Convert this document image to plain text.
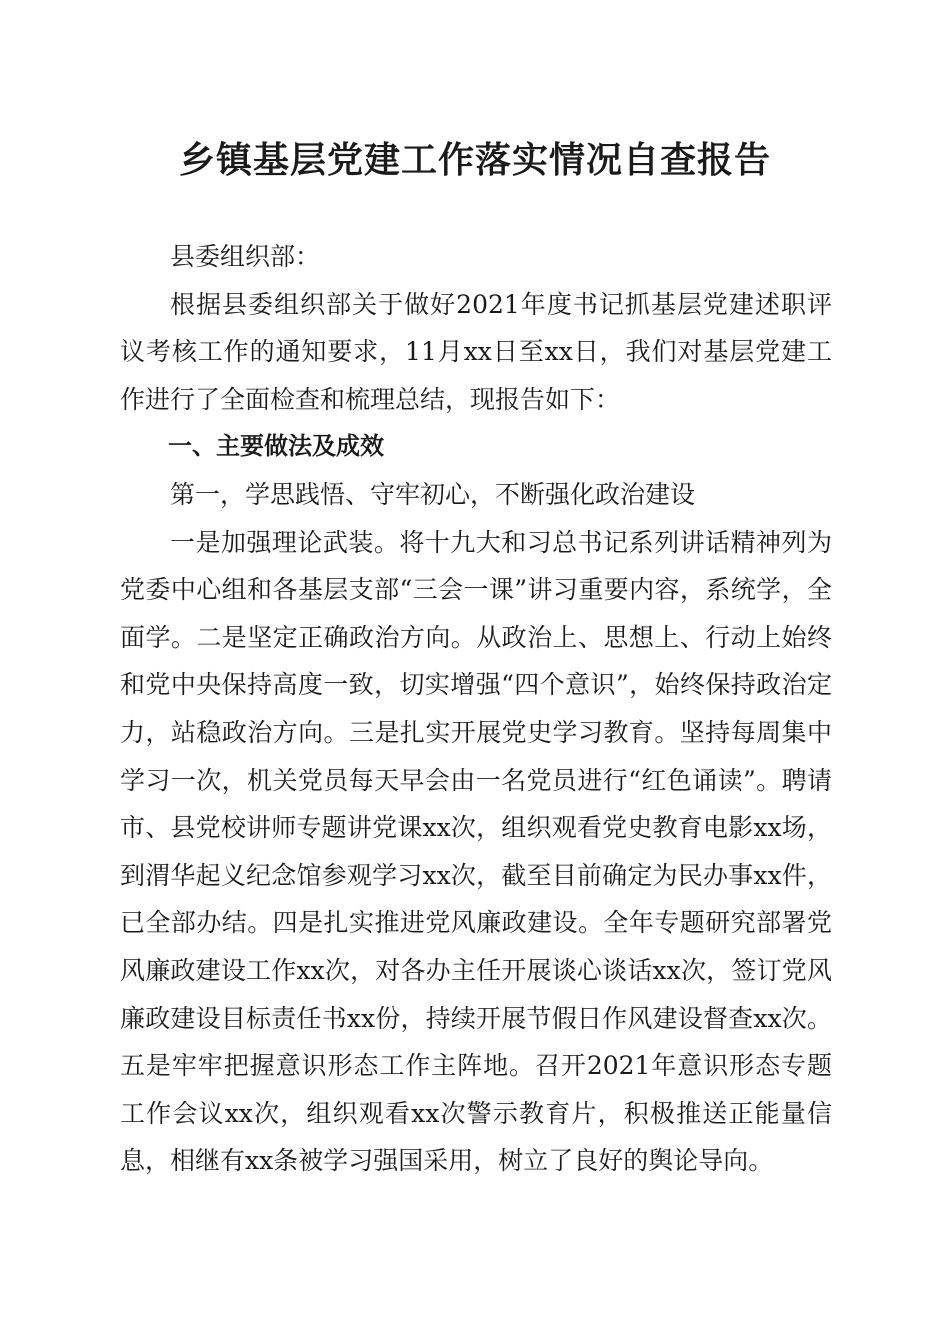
乡镇基层党建工作落实情况自查报告

县委组织部：

根据县委组织部关于做好2021年度书记抓基层党建述职评议考核工作的通知要求，11月xx日至xx日，我们对基层党建工作进行了全面检查和梳理总结，现报告如下：

一、主要做法及成效

第一，学思践悟、守牢初心，不断强化政治建设

一是加强理论武装。将十九大和习总书记系列讲话精神列为党委中心组和各基层支部“三会一课”讲习重要内容，系统学，全面学。二是坚定正确政治方向。从政治上、思想上、行动上始终和党中央保持高度一致，切实增强“四个意识”，始终保持政治定力，站稳政治方向。三是扎实开展党史学习教育。坚持每周集中学习一次，机关党员每天早会由一名党员进行“红色诵读”。聘请市、县党校讲师专题讲党课xx次，组织观看党史教育电影xx场，到渭华起义纪念馆参观学习xx次，截至目前确定为民办事xx件，已全部办结。四是扎实推进党风廉政建设。全年专题研究部署党风廉政建设工作xx次，对各办主任开展谈心谈话xx次，签订党风廉政建设目标责任书xx份，持续开展节假日作风建设督查xx次。五是牢牢把握意识形态工作主阵地。召开2021年意识形态专题工作会议xx次，组织观看xx次警示教育片，积极推送正能量信息，相继有xx条被学习强国采用，树立了良好的舆论导向。
